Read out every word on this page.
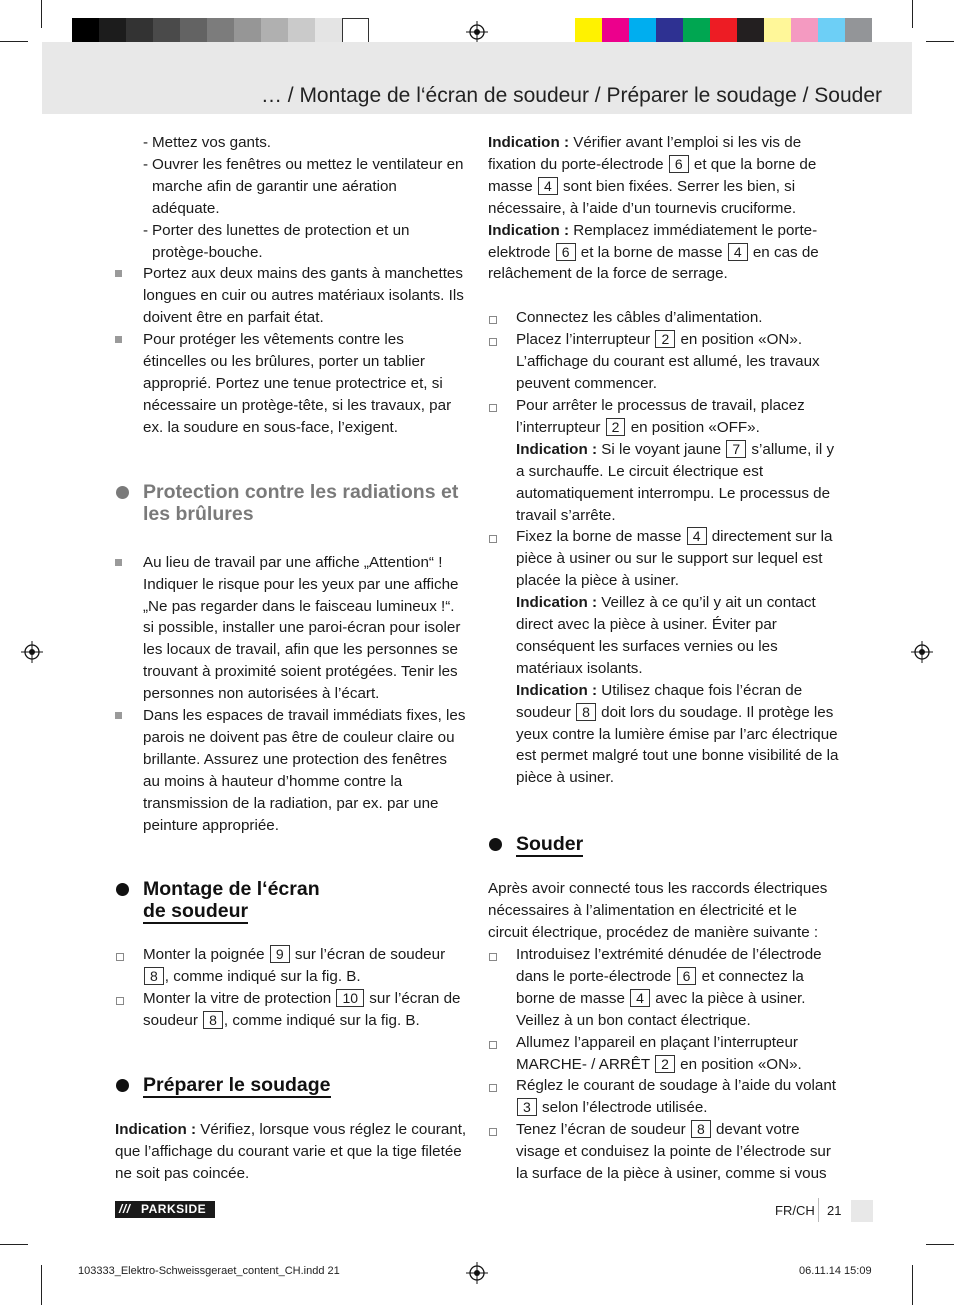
… / Montage de l‘écran de soudeur / Préparer le soudage / Souder

- Mettez vos gants.

- Ouvrer les fenêtres ou mettez le ventilateur en marche afin de garantir une aération adéquate.

- Porter des lunettes de protection et un protège-bouche.

Portez aux deux mains des gants à manchettes longues en cuir ou autres matériaux isolants. Ils doivent être en parfait état.

Pour protéger les vêtements contre les étincelles ou les brûlures, porter un tablier approprié. Portez une tenue protectrice et, si nécessaire un protège-tête, si les travaux, par ex. la soudure en sous-face, l’exigent.

Protection contre les radiations et les brûlures

Au lieu de travail par une affiche „Attention“ ! Indiquer le risque pour les yeux par une affiche „Ne pas regarder dans le faisceau lumineux !“. si possible, installer une paroi-écran pour isoler les locaux de travail, afin que les personnes se trouvant à proximité soient protégées. Tenir les personnes non autorisées à l’écart.

Dans les espaces de travail immédiats fixes, les parois ne doivent pas être de couleur claire ou brillante. Assurez une protection des fenêtres au moins à hauteur d’homme contre la transmission de la radiation, par ex. par une peinture appropriée.

Montage de l‘écran
de soudeur

Monter la poignée 9 sur l’écran de soudeur 8 , comme indiqué sur la fig. B.

Monter la vitre de protection 10 sur l’écran de soudeur 8 , comme indiqué sur la fig. B.

Préparer le soudage

Indication : Vérifiez, lorsque vous réglez le courant, que l’affichage du courant varie et que la tige filetée ne soit pas coincée.

Indication : Vérifier avant l’emploi si les vis de fixation du porte-électrode 6 et que la borne de masse 4 sont bien fixées. Serrer les bien, si nécessaire, à l’aide d’un tournevis cruciforme.

Indication : Remplacez immédiatement le porte-elektrode 6 et la borne de masse 4 en cas de relâchement de la force de serrage.

Connectez les câbles d’alimentation.

Placez l’interrupteur 2 en position «ON». L’affichage du courant est allumé, les travaux peuvent commencer.

Pour arrêter le processus de travail, placez l’interrupteur 2 en position «OFF».
Indication : Si le voyant jaune 7 s’allume, il y a surchauffe. Le circuit électrique est automatiquement interrompu. Le processus de travail s’arrête.

Fixez la borne de masse 4 directement sur la pièce à usiner ou sur le support sur lequel est placée la pièce à usiner.
Indication : Veillez à ce qu’il y ait un contact direct avec la pièce à usiner. Éviter par conséquent les surfaces vernies ou les matériaux isolants.
Indication : Utilisez chaque fois l’écran de soudeur 8 doit lors du soudage. Il protège les yeux contre la lumière émise par l’arc électrique est permet malgré tout une bonne visibilité de la pièce à usiner.

Souder

Après avoir connecté tous les raccords électriques nécessaires à l’alimentation en électricité et le circuit électrique, procédez de manière suivante :

Introduisez l’extrémité dénudée de l’électrode dans le porte-électrode 6 et connectez la borne de masse 4 avec la pièce à usiner. Veillez à un bon contact électrique.

Allumez l’appareil en plaçant l’interrupteur MARCHE- / ARRÊT 2 en position «ON».

Réglez le courant de soudage à l’aide du volant 3 selon l’électrode utilisée.

Tenez l’écran de soudeur 8 devant votre visage et conduisez la pointe de l’électrode sur la surface de la pièce à usiner, comme si vous

/// PARKSIDE	FR/CH 21
103333_Elektro-Schweissgeraet_content_CH.indd 21	06.11.14 15:09
